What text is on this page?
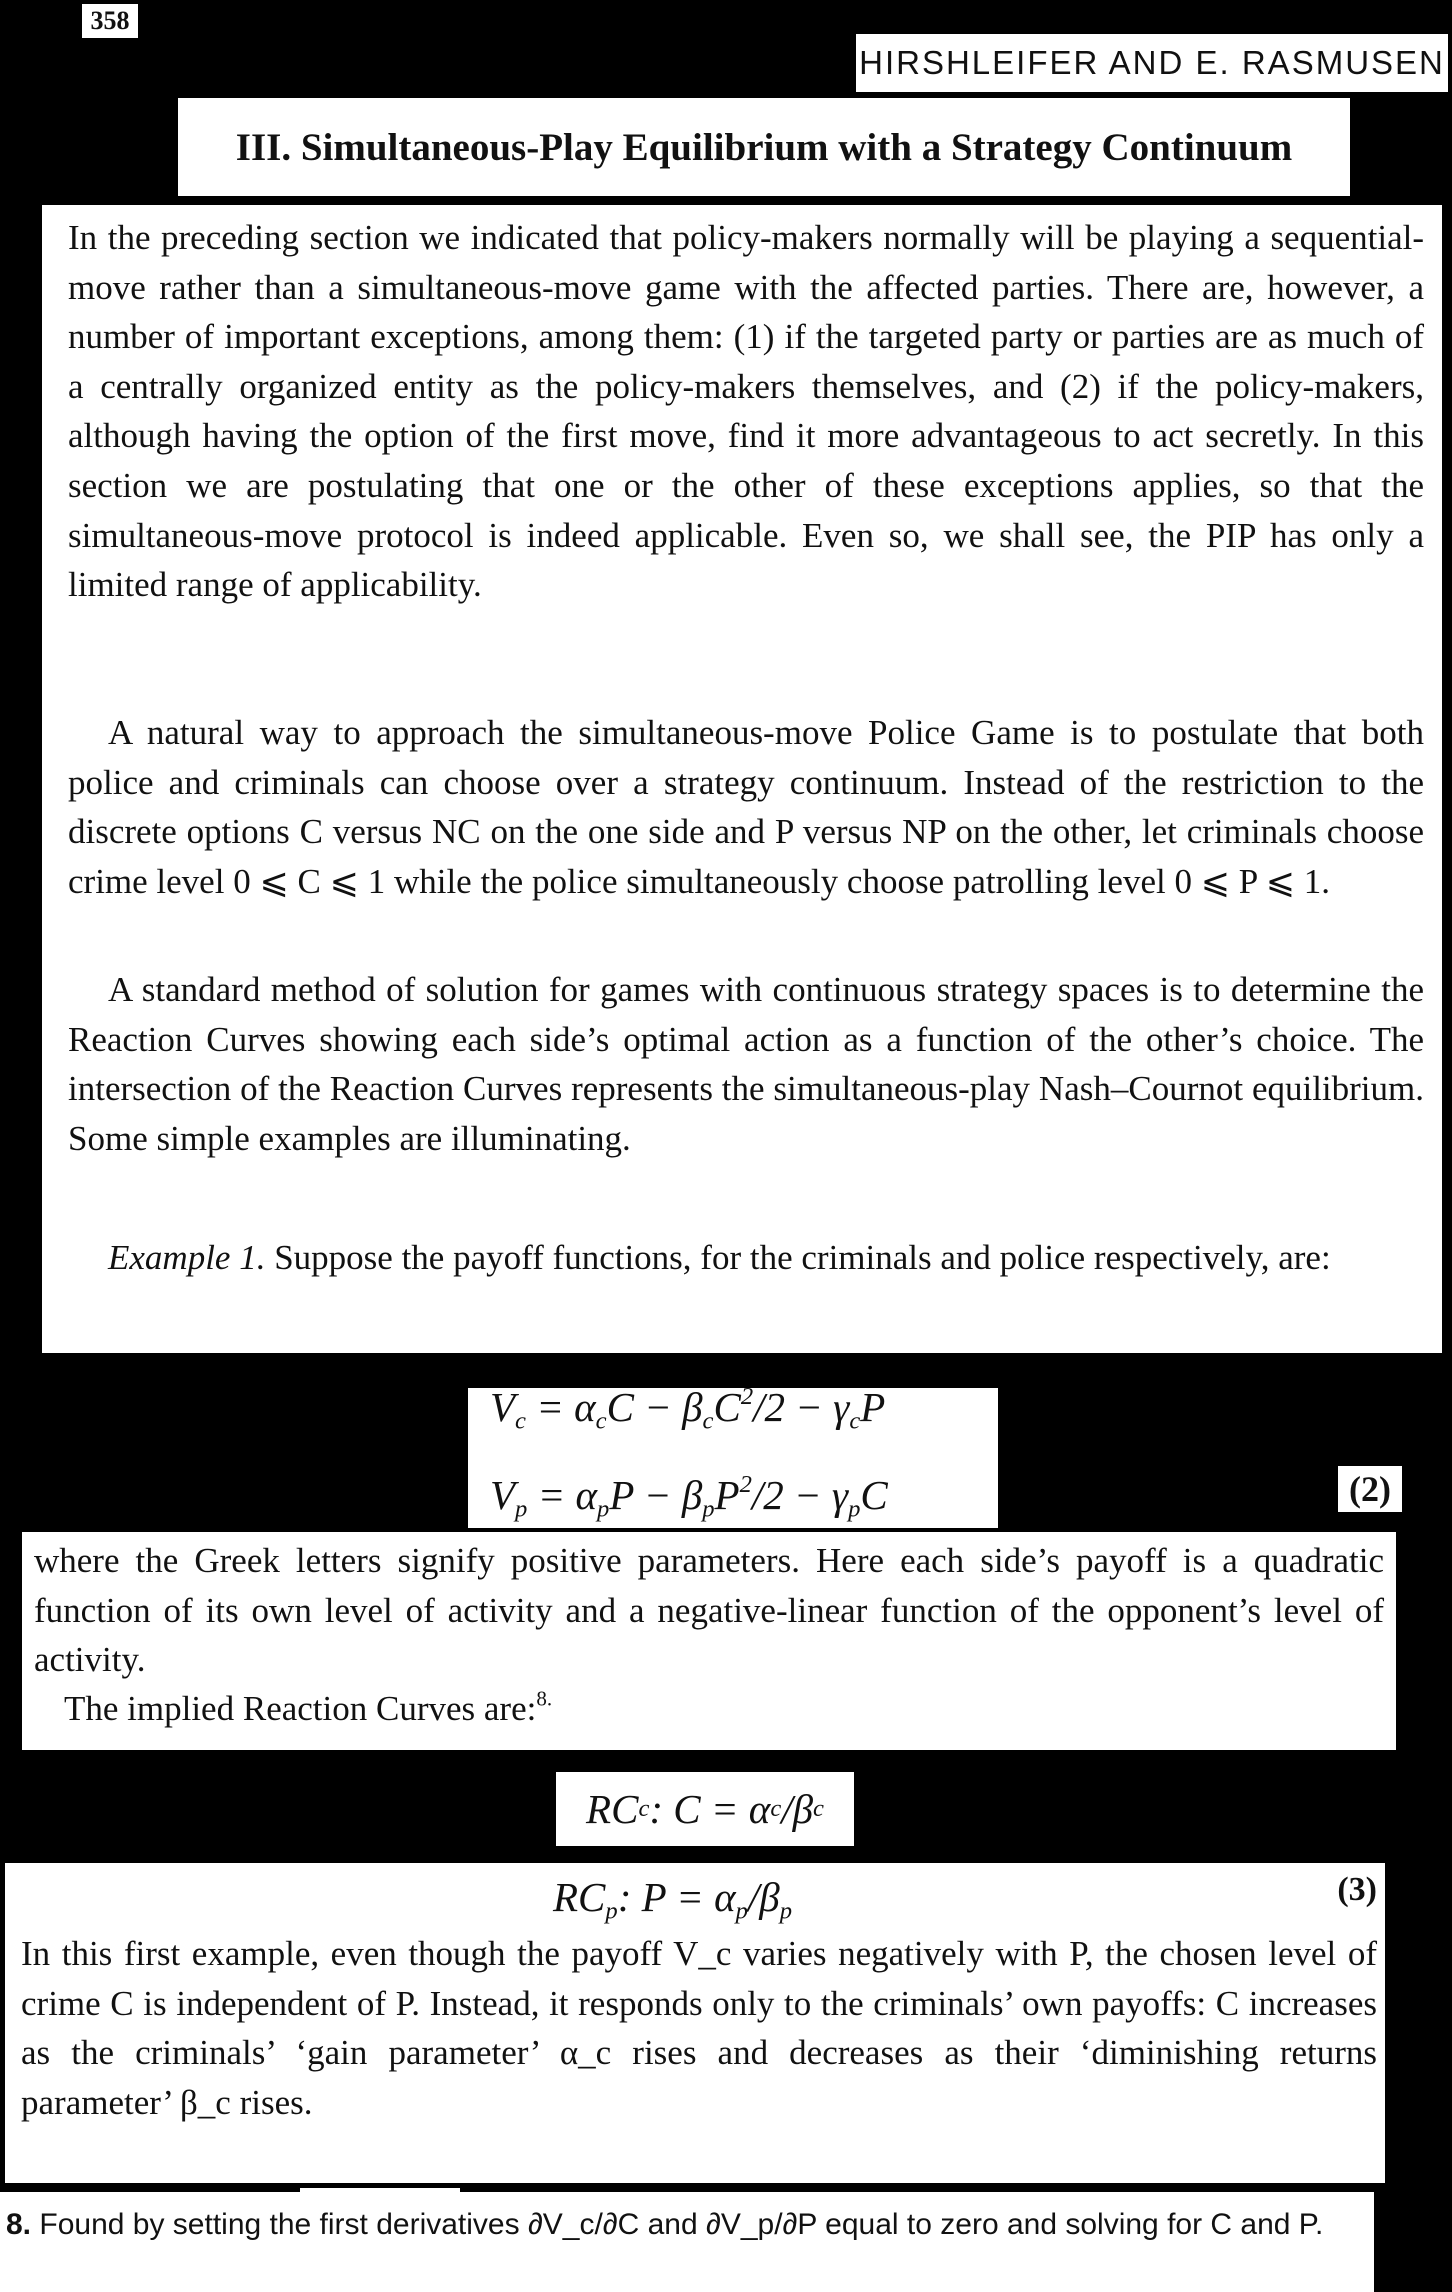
358
HIRSHLEIFER AND E. RASMUSEN
III. Simultaneous-Play Equilibrium with a Strategy Continuum
In the preceding section we indicated that policy-makers normally will be playing a sequential-move rather than a simultaneous-move game with the affected parties. There are, however, a number of important exceptions, among them: (1) if the targeted party or parties are as much of a centrally organized entity as the policy-makers themselves, and (2) if the policy-makers, although having the option of the first move, find it more advantageous to act secretly. In this section we are postulating that one or the other of these exceptions applies, so that the simultaneous-move protocol is indeed applicable. Even so, we shall see, the PIP has only a limited range of applicability.
A natural way to approach the simultaneous-move Police Game is to postulate that both police and criminals can choose over a strategy continuum. Instead of the restriction to the discrete options C versus NC on the one side and P versus NP on the other, let criminals choose crime level 0 ⩽ C ⩽ 1 while the police simultaneously choose patrolling level 0 ⩽ P ⩽ 1.
A standard method of solution for games with continuous strategy spaces is to determine the Reaction Curves showing each side’s optimal action as a function of the other’s choice. The intersection of the Reaction Curves represents the simultaneous-play Nash–Cournot equilibrium. Some simple examples are illuminating.
Example 1. Suppose the payoff functions, for the criminals and police respectively, are:
$V_c = \alpha_cC - \beta_cC^2/2 - \gamma_cP$
$V_p = \alpha_pP - \beta_pP^2/2 - \gamma_pC$	(2)
where the Greek letters signify positive parameters. Here each side’s payoff is a quadratic function of its own level of activity and a negative-linear function of the opponent’s level of activity.
The implied Reaction Curves are:$^{8.}$
RC c : C = α c /β c
$RC_p$: $P = \alpha_p/\beta_p$
(3)
In this first example, even though the payoff V_c varies negatively with P, the chosen level of crime C is independent of P. Instead, it responds only to the criminals’ own payoffs: C increases as the criminals’ ‘gain parameter’ α_c rises and decreases as their ‘diminishing returns parameter’ β_c rises.
8. Found by setting the first derivatives ∂V_c/∂C and ∂V_p/∂P equal to zero and solving for C and P.
